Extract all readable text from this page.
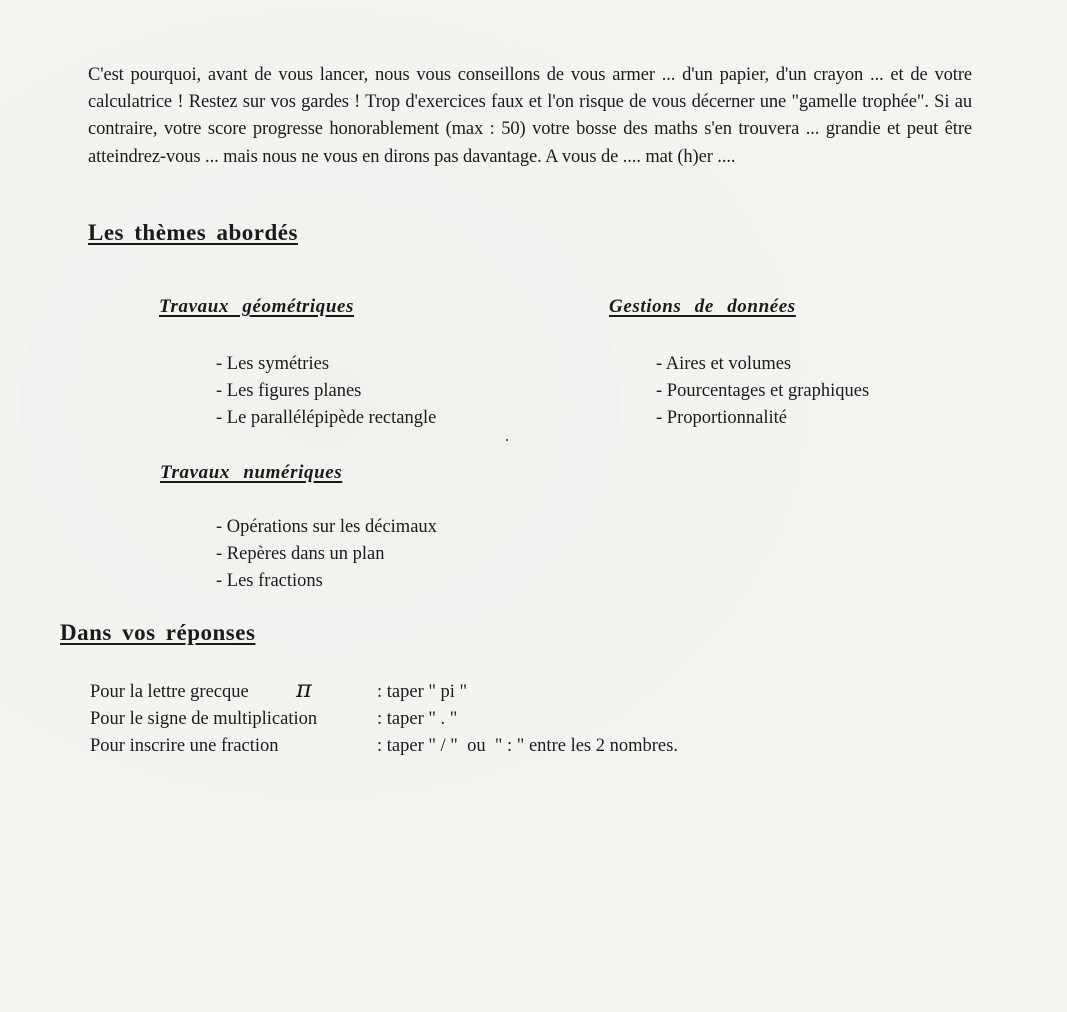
C'est pourquoi, avant de vous lancer, nous vous conseillons de vous armer ... d'un papier, d'un crayon ... et de votre calculatrice ! Restez sur vos gardes ! Trop d'exercices faux et l'on risque de vous décerner une "gamelle trophée". Si au contraire, votre score progresse honorablement (max : 50) votre bosse des maths s'en trouvera ... grandie et peut être atteindrez-vous ... mais nous ne vous en dirons pas davantage. A vous de .... mat (h)er ....

Les thèmes abordés
Travaux géométriques
- Les symétries
- Les figures planes
- Le parallélépipède rectangle
Gestions de données
- Aires et volumes
- Pourcentages et graphiques
- Proportionnalité
Travaux numériques
- Opérations sur les décimaux
- Repères dans un plan
- Les fractions
Dans vos réponses
Pour la lettre grecque π	: taper " pi "
Pour le signe de multiplication	: taper " . "
Pour inscrire une fraction	: taper " / "  ou  " : " entre les 2 nombres.
